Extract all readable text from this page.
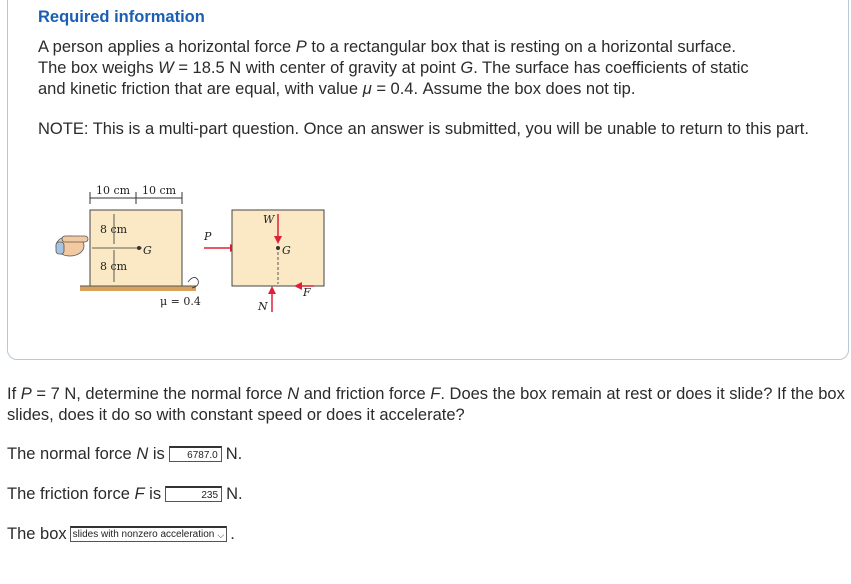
Required information
A person applies a horizontal force P to a rectangular box that is resting on a horizontal surface.
The box weighs W = 18.5 N with center of gravity at point G. The surface has coefficients of static
and kinetic friction that are equal, with value μ = 0.4. Assume the box does not tip.
NOTE: This is a multi-part question. Once an answer is submitted, you will be unable to return to this part.
10 cm 10 cm
8 cm
8 cm
G
μ = 0.4
P
W
G
F
N
If P = 7 N, determine the normal force N and friction force F. Does the box remain at rest or does it slide? If the box slides, does it do so with constant speed or does it accelerate?
The normal force N is	6787.0 N.
The friction force F is	235 N.
The box slides with nonzero acceleration ⌵ .
